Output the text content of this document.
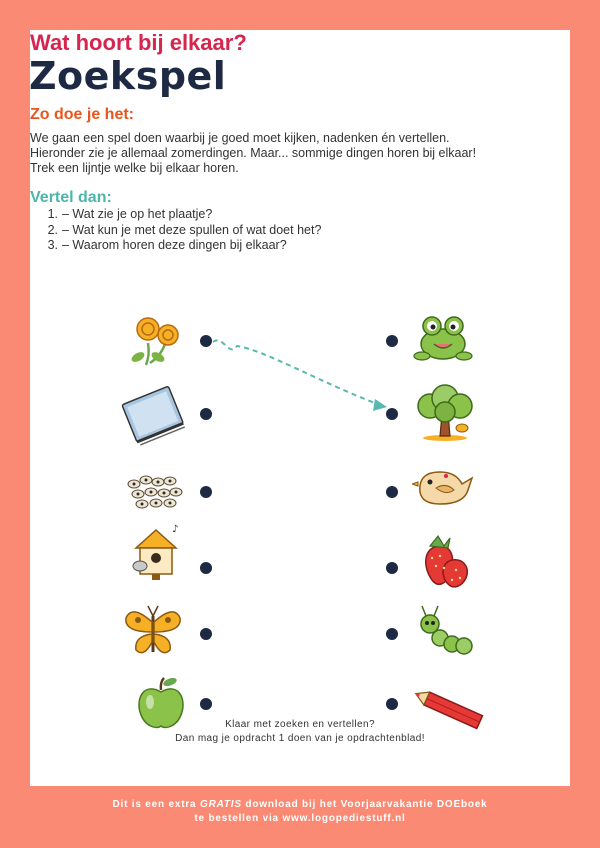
Wat hoort bij elkaar?
Zoekspel
Zo doe je het:

We gaan een spel doen waarbij je goed moet kijken, nadenken én vertellen.
Hieronder zie je allemaal zomerdingen. Maar... sommige dingen horen bij elkaar!
Trek een lijntje welke bij elkaar horen.

Vertel dan:
1. – Wat zie je op het plaatje?
2. – Wat kun je met deze spullen of wat doet het?
3. – Waarom horen deze dingen bij elkaar?
♪
Klaar met zoeken en vertellen?
Dan mag je opdracht 1 doen van je opdrachtenblad!
Dit is een extra GRATIS download bij het Voorjaarvakantie DOEboek
te bestellen via www.logopediestuff.nl
